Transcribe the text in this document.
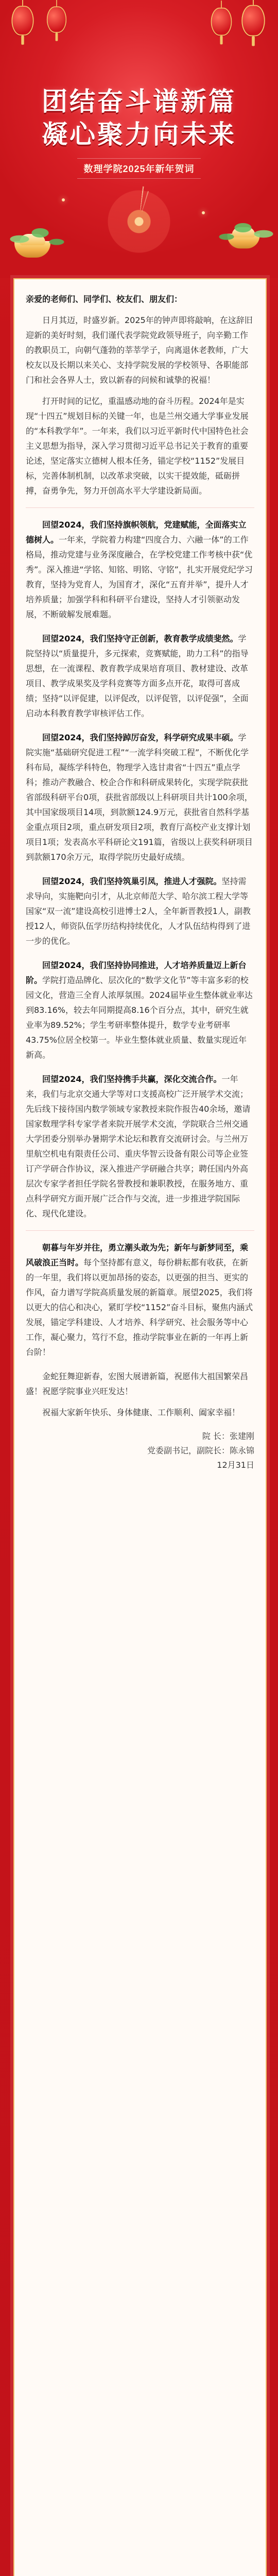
团结奋斗谱新篇
凝心聚力向未来
数理学院2025年新年贺词

亲爱的老师们、同学们、校友们、朋友们：

日月其迈，时盛岁新。2025年的钟声即将敲响，在这辞旧迎新的美好时刻，我们谨代表学院党政领导班子，向辛勤工作的教职员工，向朝气蓬勃的莘莘学子，向离退休老教师，广大校友以及长期以来关心、支持学院发展的学校领导、各职能部门和社会各界人士，致以新春的问候和诚挚的祝福！

打开时间的记忆，重温感动地的奋斗历程。2024年是实现“十四五”规划目标的关键一年，也是兰州交通大学事业发展的“本科教学年”。一年来，我们以习近平新时代中国特色社会主义思想为指导，深入学习贯彻习近平总书记关于教育的重要论述，坚定落实立德树人根本任务，锚定学校“1152”发展目标，完善体制机制，以改革求突破，以实干提效能，砥砺拼搏，奋勇争先，努力开创高水平大学建设新局面。

回望2024，我们坚持旗帜领航，党建赋能，全面落实立德树人。一年来，学院着力构建“四度合力、六融一体”的工作格局，推动党建与业务深度融合，在学校党建工作考核中获“优秀”。深入推进“学铭、知铭、明铭、守铭”，扎实开展党纪学习教育，坚持为党育人，为国育才，深化“五育并举”，提升人才培养质量；加强学科和科研平台建设，坚持人才引领驱动发展，不断破解发展难题。

回望2024，我们坚持守正创新，教育教学成绩斐然。学院坚持以“质量提升，多元探索，竞赛赋能，助力工科”的指导思想，在一流课程、教育教学成果培育项目、教材建设、改革项目、教学成果奖及学科竞赛等方面多点开花，取得可喜成绩；坚持“以评促建，以评促改，以评促管，以评促强”，全面启动本科教育教学审核评估工作。

回望2024，我们坚持踔厉奋发，科学研究成果丰硕。学院实施“基础研究促进工程”“一流学科突破工程”，不断优化学科布局，凝练学科特色，物理学入选甘肃省“十四五”重点学科；推动产教融合、校企合作和科研成果转化，实现学院获批省部级科研平台0项，获批省部级以上科研项目共计100余项，其中国家级项目14项，到款额124.9万元，获批省自然科学基金重点项目2项，重点研发项目2项，教育厅高校产业支撑计划项目1项；发表高水平科研论文191篇，省级以上获奖科研项目到款额170余万元，取得学院历史最好成绩。

回望2024，我们坚持筑巢引凤，推进人才强院。坚持需求导向，实施靶向引才，从北京师范大学、哈尔滨工程大学等国家“双一流”建设高校引进博士2人，全年新晋教授1人，副教授12人，师资队伍学历结构持续优化，人才队伍结构得到了进一步的优化。

回望2024，我们坚持协同推进，人才培养质量迈上新台阶。学院打造品牌化、层次化的“数学文化节”等丰富多彩的校园文化，营造三全育人浓厚氛围。2024届毕业生整体就业率达到83.16%，较去年同期提高8.16个百分点，其中，研究生就业率为89.52%；学生考研率整体提升，数学专业考研率43.75%位居全校第一。毕业生整体就业质量、数量实现近年新高。

回望2024，我们坚持携手共赢，深化交流合作。一年来，我们与北京交通大学等对口支援高校广泛开展学术交流；先后线下接待国内数学领域专家教授来院作报告40余场，邀请国家数理学科专家学者来院开展学术交流，学院联合兰州交通大学团委分别举办暑期学术论坛和教育交流研讨会。与兰州万里航空机电有限责任公司、重庆华智云设备有限公司等企业签订产学研合作协议，深入推进产学研融合共享；聘任国内外高层次专家学者担任学院名誉教授和兼职教授，在服务地方、重点科学研究方面开展广泛合作与交流，进一步推进学院国际化、现代化建设。

朝暮与年岁并往，勇立潮头敢为先；新年与新梦同至，乘风破浪正当时。每个坚持都有意义，每份耕耘都有收获，在新的一年里，我们将以更加昂扬的姿态，以更强的担当、更实的作风，奋力谱写学院高质量发展的新篇章。展望2025，我们将以更大的信心和决心，紧盯学校“1152”奋斗目标，聚焦内涵式发展，锚定学科建设、人才培养、科学研究、社会服务等中心工作，凝心聚力，笃行不怠，推动学院事业在新的一年再上新台阶！

金蛇狂舞迎新春，宏图大展谱新篇，祝愿伟大祖国繁荣昌盛！祝愿学院事业兴旺发达！

祝福大家新年快乐、身体健康、工作顺利、阖家幸福！

院 长：张建刚
党委副书记，副院长：陈永锦
12月31日
